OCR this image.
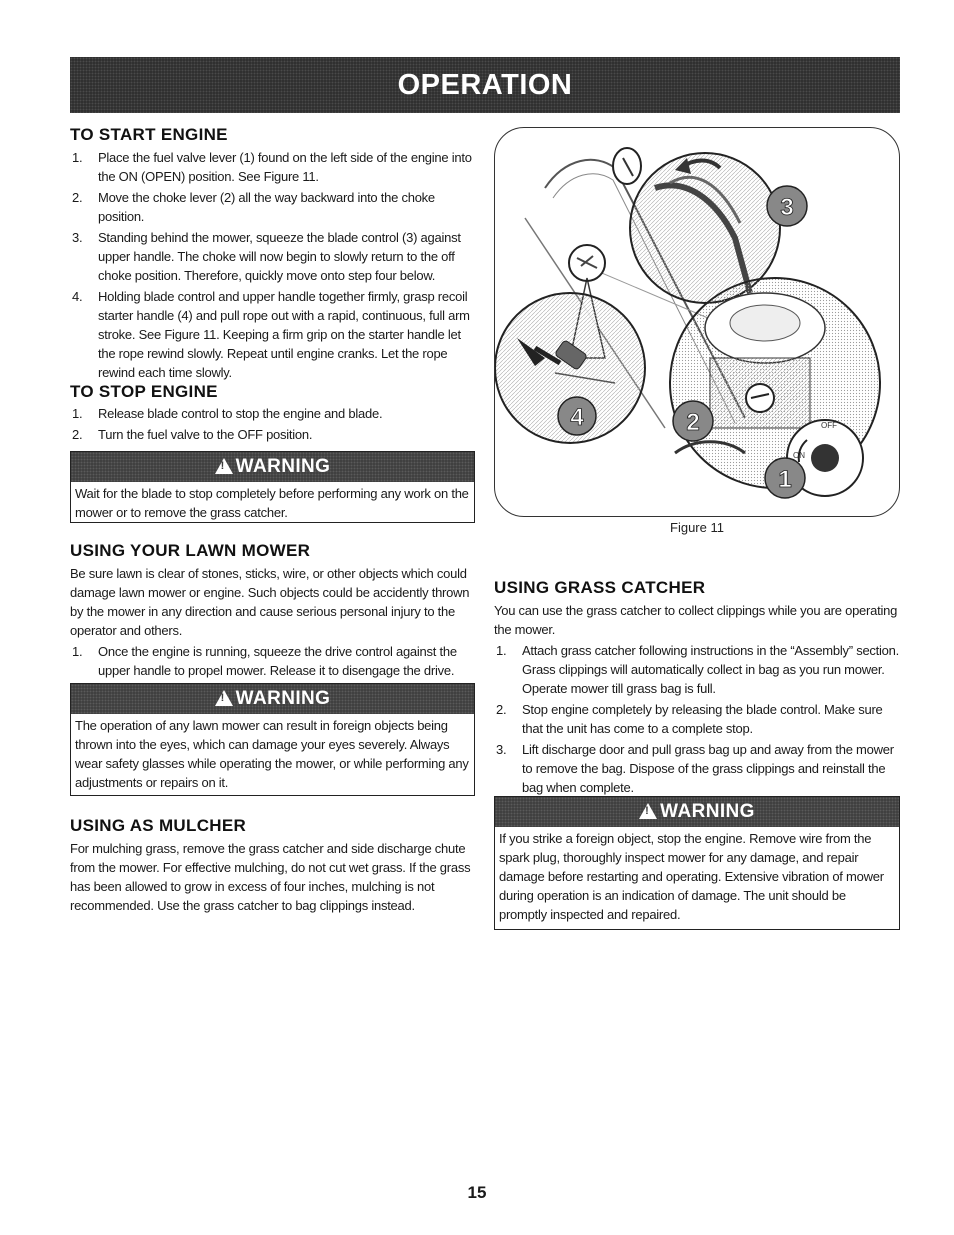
OPERATION
TO START ENGINE
1.	Place the fuel valve lever (1) found on the left side of the engine into the ON (OPEN) position. See Figure 11.
2.	Move the choke lever (2) all the way backward into the choke position.
3.	Standing behind the mower, squeeze the blade control (3) against upper handle. The choke will now begin to slowly return to the off choke position. Therefore, quickly move onto step four below.
4.	Holding blade control and upper handle together firmly, grasp recoil starter handle (4) and pull rope out with a rapid, continuous, full arm stroke. See Figure 11. Keeping a firm grip on the starter handle let the rope rewind slowly. Repeat until engine cranks. Let the rope rewind each time slowly.
TO STOP ENGINE
1.	Release blade control to stop the engine and blade.
2.	Turn the fuel valve to the OFF position.
!
WARNING
Wait for the blade to stop completely before performing any work on the mower or to remove the grass catcher.
USING YOUR LAWN MOWER
Be sure lawn is clear of stones, sticks, wire, or other objects which could damage lawn mower or engine. Such objects could be accidently thrown by the mower in any direction and cause serious personal injury to the operator and others.
1.	Once the engine is running, squeeze the drive control against the upper handle to propel mower. Release it to disengage the drive.
!
WARNING
The operation of any lawn mower can result in foreign objects being thrown into the eyes, which can damage your eyes severely. Always wear safety glasses while operating the mower, or while performing any adjustments or repairs on it.
USING AS MULCHER
For mulching grass, remove the grass catcher and side discharge chute from the mower. For effective mulching, do not cut wet grass. If the grass has been allowed to grow in excess of four inches, mulching is not recommended. Use the grass catcher to bag clippings instead.
OFF
ON
3
4	2
1
Figure 11
USING GRASS CATCHER
You can use the grass catcher to collect clippings while you are operating the mower.
1.	Attach grass catcher following instructions in the “Assembly” section. Grass clippings will automatically collect in bag as you run mower. Operate mower till grass bag is full.
2.	Stop engine completely by releasing the blade control. Make sure that the unit has come to a complete stop.
3.	Lift discharge door and pull grass bag up and away from the mower to remove the bag. Dispose of the grass clippings and reinstall the bag when complete.
!
WARNING
If you strike a foreign object, stop the engine. Remove wire from the spark plug, thoroughly inspect mower for any damage, and repair damage before restarting and operating. Extensive vibration of mower during operation is an indication of damage. The unit should be promptly inspected and repaired.
15
